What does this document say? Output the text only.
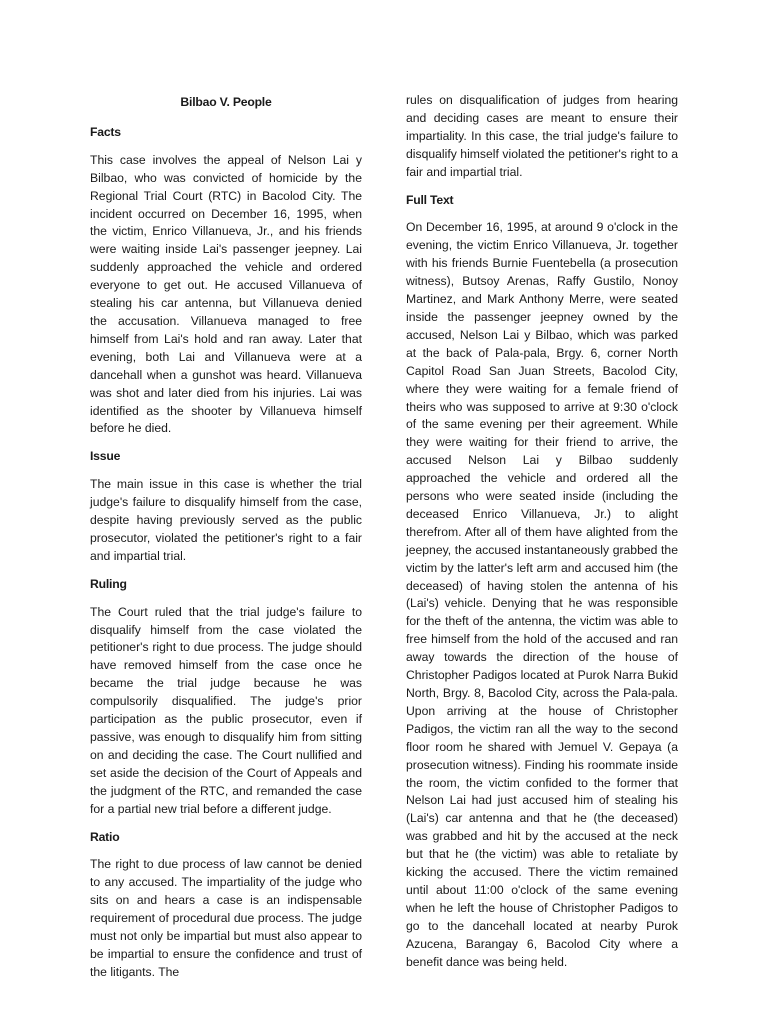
Bilbao V. People
Facts

This case involves the appeal of Nelson Lai y Bilbao, who was convicted of homicide by the Regional Trial Court (RTC) in Bacolod City. The incident occurred on December 16, 1995, when the victim, Enrico Villanueva, Jr., and his friends were waiting inside Lai's passenger jeepney. Lai suddenly approached the vehicle and ordered everyone to get out. He accused Villanueva of stealing his car antenna, but Villanueva denied the accusation. Villanueva managed to free himself from Lai's hold and ran away. Later that evening, both Lai and Villanueva were at a dancehall when a gunshot was heard. Villanueva was shot and later died from his injuries. Lai was identified as the shooter by Villanueva himself before he died.

Issue

The main issue in this case is whether the trial judge's failure to disqualify himself from the case, despite having previously served as the public prosecutor, violated the petitioner's right to a fair and impartial trial.

Ruling

The Court ruled that the trial judge's failure to disqualify himself from the case violated the petitioner's right to due process. The judge should have removed himself from the case once he became the trial judge because he was compulsorily disqualified. The judge's prior participation as the public prosecutor, even if passive, was enough to disqualify him from sitting on and deciding the case. The Court nullified and set aside the decision of the Court of Appeals and the judgment of the RTC, and remanded the case for a partial new trial before a different judge.

Ratio

The right to due process of law cannot be denied to any accused. The impartiality of the judge who sits on and hears a case is an indispensable requirement of procedural due process. The judge must not only be impartial but must also appear to be impartial to ensure the confidence and trust of the litigants. The

rules on disqualification of judges from hearing and deciding cases are meant to ensure their impartiality. In this case, the trial judge's failure to disqualify himself violated the petitioner's right to a fair and impartial trial.

Full Text

On December 16, 1995, at around 9 o'clock in the evening, the victim Enrico Villanueva, Jr. together with his friends Burnie Fuentebella (a prosecution witness), Butsoy Arenas, Raffy Gustilo, Nonoy Martinez, and Mark Anthony Merre, were seated inside the passenger jeepney owned by the accused, Nelson Lai y Bilbao, which was parked at the back of Pala-pala, Brgy. 6, corner North Capitol Road San Juan Streets, Bacolod City, where they were waiting for a female friend of theirs who was supposed to arrive at 9:30 o'clock of the same evening per their agreement. While they were waiting for their friend to arrive, the accused Nelson Lai y Bilbao suddenly approached the vehicle and ordered all the persons who were seated inside (including the deceased Enrico Villanueva, Jr.) to alight therefrom. After all of them have alighted from the jeepney, the accused instantaneously grabbed the victim by the latter's left arm and accused him (the deceased) of having stolen the antenna of his (Lai's) vehicle. Denying that he was responsible for the theft of the antenna, the victim was able to free himself from the hold of the accused and ran away towards the direction of the house of Christopher Padigos located at Purok Narra Bukid North, Brgy. 8, Bacolod City, across the Pala-pala. Upon arriving at the house of Christopher Padigos, the victim ran all the way to the second floor room he shared with Jemuel V. Gepaya (a prosecution witness). Finding his roommate inside the room, the victim confided to the former that Nelson Lai had just accused him of stealing his (Lai's) car antenna and that he (the deceased) was grabbed and hit by the accused at the neck but that he (the victim) was able to retaliate by kicking the accused. There the victim remained until about 11:00 o'clock of the same evening when he left the house of Christopher Padigos to go to the dancehall located at nearby Purok Azucena, Barangay 6, Bacolod City where a benefit dance was being held.
